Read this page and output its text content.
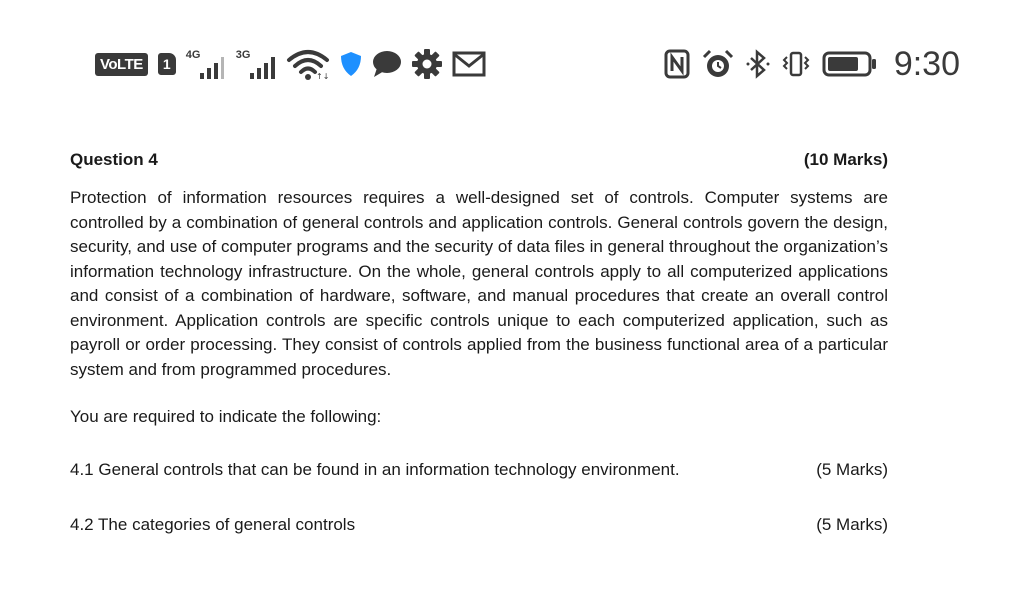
VoLTE	1
4G	3G
↑↓	9:30
Question 4	(10 Marks)
Protection of information resources requires a well-designed set of controls. Computer systems are controlled by a combination of general controls and application controls. General controls govern the design, security, and use of computer programs and the security of data files in general throughout the organization’s information technology infrastructure. On the whole, general controls apply to all computerized applications and consist of a combination of hardware, software, and manual procedures that create an overall control environment. Application controls are specific controls unique to each computerized application, such as payroll or order processing. They consist of controls applied from the business functional area of a particular system and from programmed procedures.
You are required to indicate the following:
4.1 General controls that can be found in an information technology environment.	(5 Marks)
4.2 The categories of general controls	(5 Marks)
